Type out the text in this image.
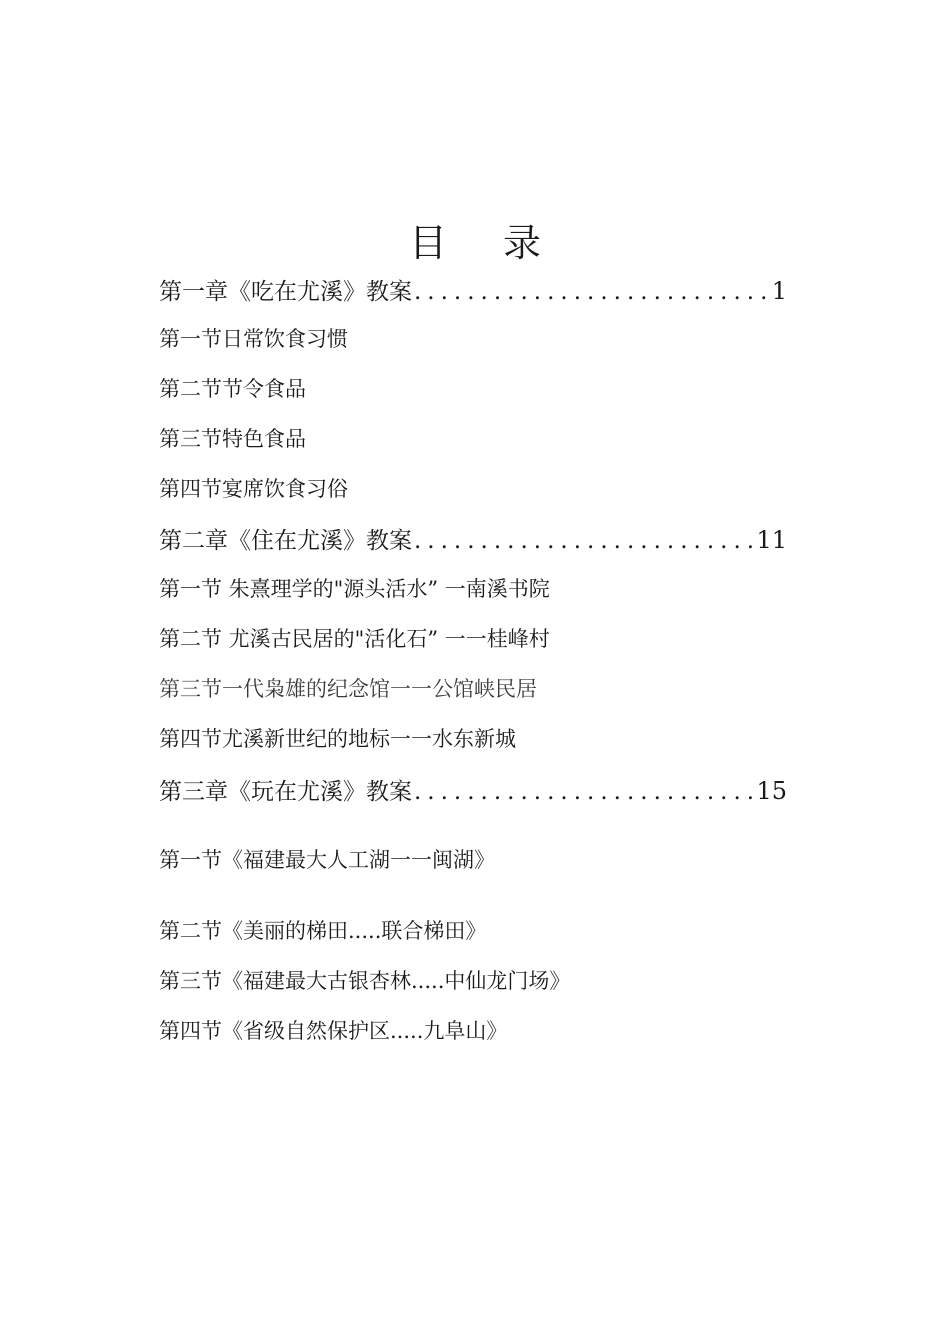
目 录
第一章《吃在尤溪》教案 .....	1
第一节日常饮食习惯
第二节节令食品
第三节特色食品
第四节宴席饮食习俗
第二章《住在尤溪》教案 .....	11
第一节 朱熹理学的"源头活水” 一南溪书院
第二节 尤溪古民居的"活化石” 一一桂峰村
第三节一代枭雄的纪念馆一一公馆峡民居
第四节尤溪新世纪的地标一一水东新城
第三章《玩在尤溪》教案 .....	15
第一节《福建最大人工湖一一闽湖》
第二节《美丽的梯田.....联合梯田》
第三节《福建最大古银杏林.....中仙龙门场》
第四节《省级自然保护区.....九阜山》
